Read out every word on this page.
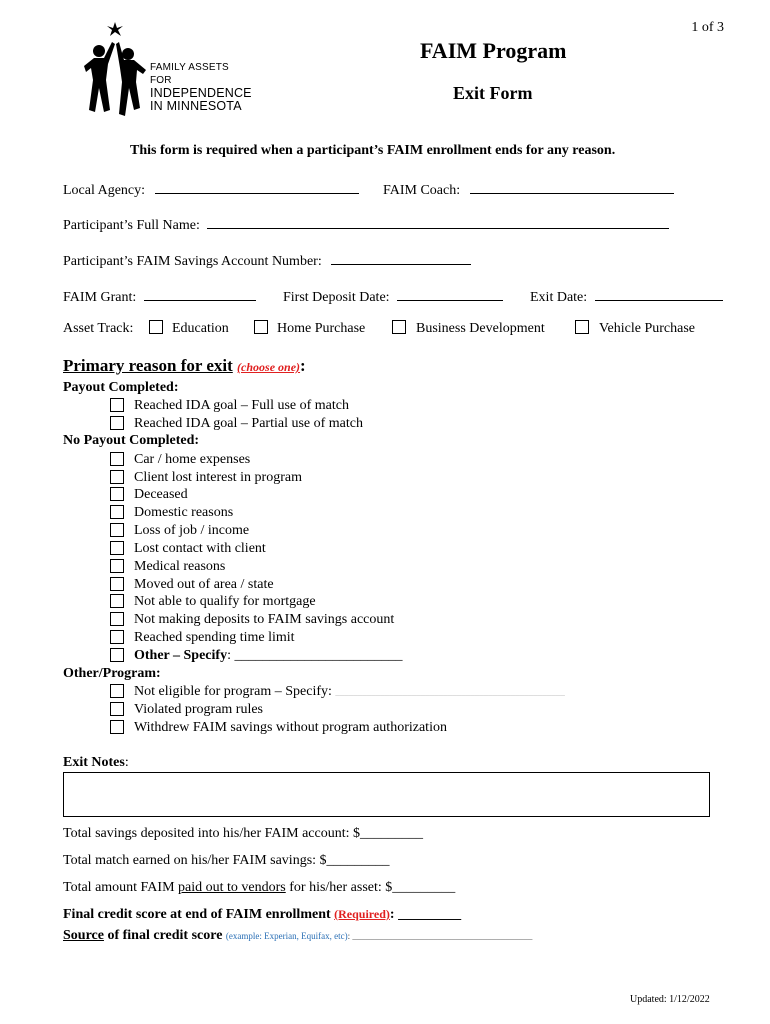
1 of 3
FAMILY ASSETS FOR
INDEPENDENCE
IN MINNESOTA
FAIM Program
Exit Form
This form is required when a participant’s FAIM enrollment ends for any reason.
Local Agency:	FAIM Coach:
Participant’s Full Name:
Participant’s FAIM Savings Account Number:
FAIM Grant:	First Deposit Date:	Exit Date:
Asset Track:	Education	Home Purchase	Business Development	Vehicle Purchase
Primary reason for exit (choose one):
Payout Completed:
Reached IDA goal – Full use of match
Reached IDA goal – Partial use of match
No Payout Completed:
Car / home expenses
Client lost interest in program
Deceased
Domestic reasons
Loss of job / income
Lost contact with client
Medical reasons
Moved out of area / state
Not able to qualify for mortgage
Not making deposits to FAIM savings account
Reached spending time limit
Other – Specify: ________________________
Other/Program:
Not eligible for program – Specify: ___________________________________________________
Violated program rules
Withdrew FAIM savings without program authorization
Exit Notes:
Total savings deposited into his/her FAIM account: $_________
Total match earned on his/her FAIM savings: $_________
Total amount FAIM paid out to vendors for his/her asset: $_________
Final credit score at end of FAIM enrollment (Required): _________
Source of final credit score (example: Experian, Equifax, etc): ________________________________________
Updated: 1/12/2022
